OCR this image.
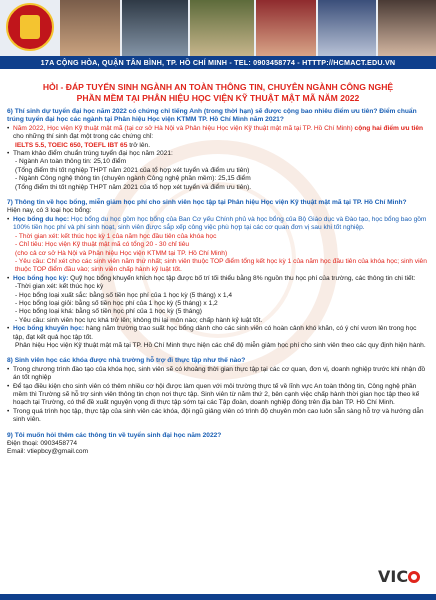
17A CỘNG HÒA, QUẬN TÂN BÌNH, TP. HỒ CHÍ MINH - TEL: 0903458774 - HTTTP://HCMACT.EDU.VN
HỎI - ĐÁP TUYỂN SINH NGÀNH AN TOÀN THÔNG TIN, CHUYÊN NGÀNH CÔNG NGHỆ
PHẦN MỀM TẠI PHÂN HIỆU HỌC VIỆN KỸ THUẬT MẬT MÃ NĂM 2022

6) Thí sinh dự tuyển đại học năm 2022 có chứng chỉ tiếng Anh (trong thời hạn) sẽ được cộng bao nhiêu điểm ưu tiên? Điểm chuẩn trúng tuyển đại học các ngành tại Phân hiệu Học viện KTMM TP. Hồ Chí Minh năm 2021?

• Năm 2022, Học viện Kỹ thuật mật mã (tại cơ sở Hà Nội và Phân hiệu Học viện Kỹ thuật mật mã tại TP. Hồ Chí Minh) cộng hai điểm ưu tiên cho những thí sinh đạt một trong các chứng chỉ:

IELTS 5.5, TOEIC 650, TOEFL IBT 65 trở lên.

• Tham khảo điểm chuẩn trúng tuyển đại học năm 2021:

- Ngành An toàn thông tin: 25,10 điểm

(Tổng điểm thi tốt nghiệp THPT năm 2021 của tổ hợp xét tuyển và điểm ưu tiên)

- Ngành Công nghệ thông tin (chuyên ngành Công nghệ phần mềm): 25,15 điểm

(Tổng điểm thi tốt nghiệp THPT năm 2021 của tổ hợp xét tuyển và điểm ưu tiên).

7) Thông tin về học bổng, miễn giảm học phí cho sinh viên học tập tại Phân hiệu Học viện Kỹ thuật mật mã tại TP. Hồ Chí Minh?

Hiện nay, có 3 loại học bổng:

• Học bổng du học: Học bổng du học gồm học bổng của Ban Cơ yếu Chính phủ và học bổng của Bộ Giáo dục và Đào tạo, học bổng bao gồm 100% tiền học phí và phí sinh hoạt, sinh viên được sắp xếp công việc phù hợp tại các cơ quan đơn vị sau khi tốt nghiệp.

- Thời gian xét: kết thúc học kỳ 1 của năm học đầu tiên của khóa học

- Chỉ tiêu: Học viện Kỹ thuật mật mã có tổng 20 - 30 chỉ tiêu

(cho cả cơ sở Hà Nội và Phân hiệu Học viện KTMM tại TP. Hồ Chí Minh)

- Yêu cầu: Chỉ xét cho các sinh viên năm thứ nhất; sinh viên thuộc TOP điểm tổng kết học kỳ 1 của năm học đầu tiên của khóa học; sinh viên thuộc TOP điểm đầu vào; sinh viên chấp hành kỷ luật tốt.

• Học bổng học kỳ: Quỹ học bổng khuyến khích học tập được bố trí tối thiểu bằng 8% nguồn thu học phí của trường, các thông tin chi tiết:

-Thời gian xét: kết thúc học kỳ

- Học bổng loại xuất sắc: bằng số tiền học phí của 1 học kỳ (5 tháng) x 1,4

- Học bổng loại giỏi: bằng số tiền học phí của 1 học kỳ (5 tháng) x 1,2

- Học bổng loại khá: bằng số tiền học phí của 1 học kỳ (5 tháng)

- Yêu cầu: sinh viên học lực khá trở lên; không thi lại môn nào; chấp hành kỷ luật tốt.

• Học bổng khuyến học: hàng năm trường trao suất học bổng dành cho các sinh viên có hoàn cảnh khó khăn, có ý chí vươn lên trong học tập, đạt kết quả học tập tốt.

Phân hiệu Học viện Kỹ thuật mật mã tại TP. Hồ Chí Minh thực hiện các chế độ miễn giảm học phí cho sinh viên theo các quy định hiện hành.

8) Sinh viên học các khóa được nhà trường hỗ trợ đi thực tập như thế nào?

• Trong chương trình đào tạo của khóa học, sinh viên sẽ có khoảng thời gian thực tập tại các cơ quan, đơn vị, doanh nghiệp trước khi nhận đồ án tốt nghiệp

• Để tạo điều kiện cho sinh viên có thêm nhiều cơ hội được làm quen với môi trường thực tế về lĩnh vực An toàn thông tin, Công nghệ phần mềm thì Trường sẽ hỗ trợ sinh viên thông tin chọn nơi thực tập. Sinh viên từ năm thứ 2, bên cạnh việc chấp hành thời gian học tập theo kế hoạch tại Trường, có thể đề xuất nguyện vọng đi thực tập sớm tại các Tập đoàn, doanh nghiệp đóng trên địa bàn TP. Hồ Chí Minh.

• Trong quá trình học tập, thực tập của sinh viên các khóa, đội ngũ giảng viên có trình độ chuyên môn cao luôn sẵn sàng hỗ trợ và hướng dẫn sinh viên.

9) Tôi muốn hỏi thêm các thông tin về tuyển sinh đại học năm 2022?

Điện thoại: 0903458774

Email: vtiepbcy@gmail.com

VIC
